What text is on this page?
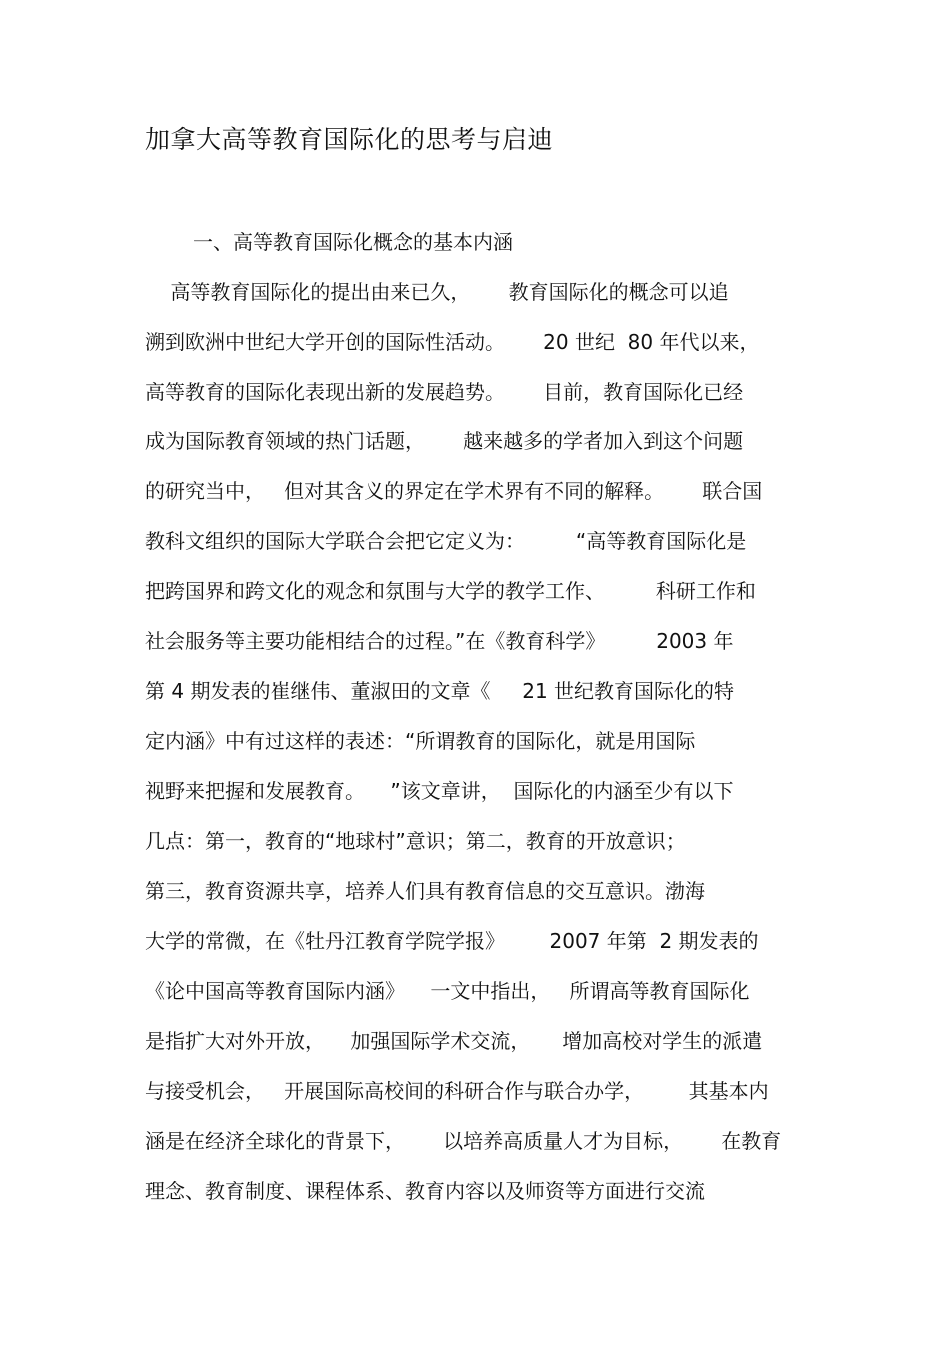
加拿大高等教育国际化的思考与启迪
一、高等教育国际化概念的基本内涵
高等教育国际化的提出由来已久，      教育国际化的概念可以追
溯到欧洲中世纪大学开创的国际性活动。      20 世纪  80 年代以来，
高等教育的国际化表现出新的发展趋势。      目前，教育国际化已经
成为国际教育领域的热门话题，      越来越多的学者加入到这个问题
的研究当中，   但对其含义的界定在学术界有不同的解释。      联合国
教科文组织的国际大学联合会把它定义为：        “高等教育国际化是
把跨国界和跨文化的观念和氛围与大学的教学工作、        科研工作和
社会服务等主要功能相结合的过程。”在《教育科学》        2003 年
第 4 期发表的崔继伟、董淑田的文章《     21 世纪教育国际化的特
定内涵》中有过这样的表述：“所谓教育的国际化，就是用国际
视野来把握和发展教育。    ”该文章讲，  国际化的内涵至少有以下
几点：第一，教育的“地球村”意识；第二，教育的开放意识；
第三，教育资源共享，培养人们具有教育信息的交互意识。渤海
大学的常微，在《牡丹江教育学院学报》       2007 年第  2 期发表的
《论中国高等教育国际内涵》    一文中指出，   所谓高等教育国际化
是指扩大对外开放，    加强国际学术交流，     增加高校对学生的派遣
与接受机会，   开展国际高校间的科研合作与联合办学，       其基本内
涵是在经济全球化的背景下，      以培养高质量人才为目标，      在教育
理念、教育制度、课程体系、教育内容以及师资等方面进行交流
